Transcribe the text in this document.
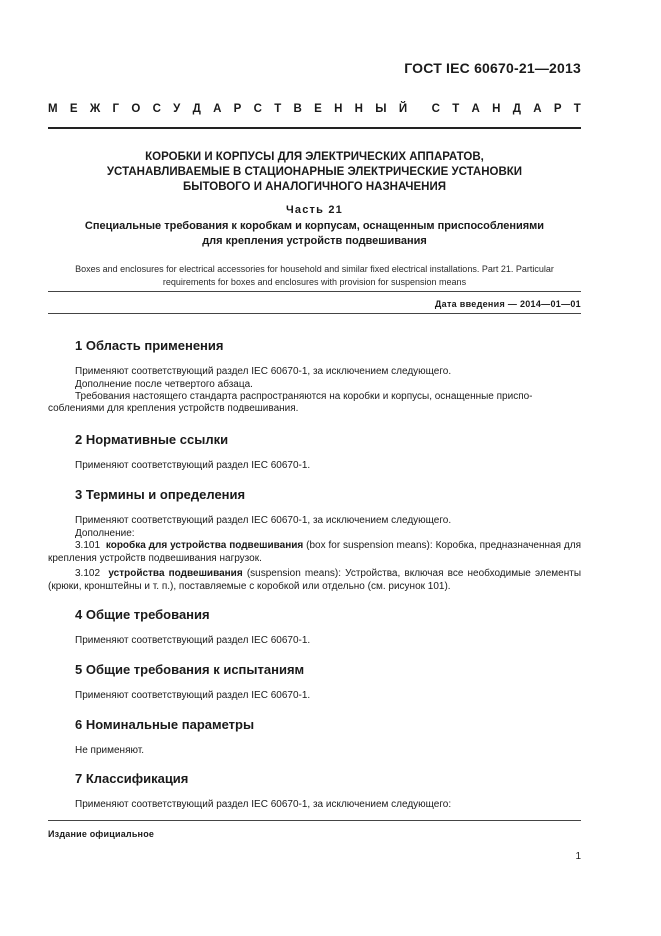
ГОСТ IEC 60670-21—2013
М Е Ж Г О С У Д А Р С Т В Е Н Н Ы Й С Т А Н Д А Р Т
КОРОБКИ И КОРПУСЫ ДЛЯ ЭЛЕКТРИЧЕСКИХ АППАРАТОВ,
УСТАНАВЛИВАЕМЫЕ В СТАЦИОНАРНЫЕ ЭЛЕКТРИЧЕСКИЕ УСТАНОВКИ
БЫТОВОГО И АНАЛОГИЧНОГО НАЗНАЧЕНИЯ
Часть 21
Специальные требования к коробкам и корпусам, оснащенным приспособлениями
для крепления устройств подвешивания
Boxes and enclosures for electrical accessories for household and similar fixed electrical installations. Part 21. Particular
requirements for boxes and enclosures with provision for suspension means
Дата введения — 2014—01—01
1 Область применения
Применяют соответствующий раздел IEC 60670-1, за исключением следующего.
Дополнение после четвертого абзаца.
Требования настоящего стандарта распространяются на коробки и корпусы, оснащенные приспо-
соблениями для крепления устройств подвешивания.
2 Нормативные ссылки
Применяют соответствующий раздел IEC 60670-1.
3 Термины и определения
Применяют соответствующий раздел IEC 60670-1, за исключением следующего.
Дополнение:
3.101 коробка для устройства подвешивания (box for suspension means): Коробка, предназначенная для крепления устройств подвешивания нагрузок.
3.102 устройства подвешивания (suspension means): Устройства, включая все необходимые элементы (крюки, кронштейны и т. п.), поставляемые с коробкой или отдельно (см. рисунок 101).
4 Общие требования
Применяют соответствующий раздел IEC 60670-1.
5 Общие требования к испытаниям
Применяют соответствующий раздел IEC 60670-1.
6 Номинальные параметры
Не применяют.
7 Классификация
Применяют соответствующий раздел IEC 60670-1, за исключением следующего:
Издание официальное
1
